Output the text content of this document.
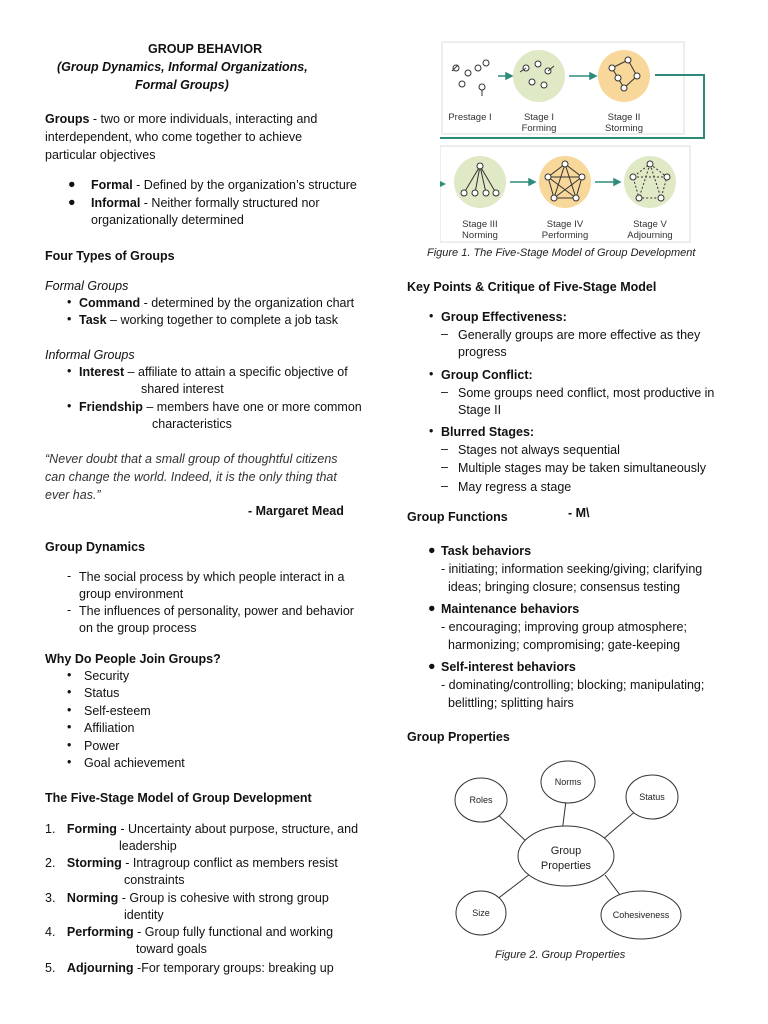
GROUP BEHAVIOR
(Group Dynamics, Informal Organizations,
Formal Groups)
Groups - two or more individuals, interacting and
interdependent, who come together to achieve
particular objectives
● Formal - Defined by the organization’s structure
● Informal - Neither formally structured nor
organizationally determined
Four Types of Groups
Formal Groups
• Command - determined by the organization chart
• Task – working together to complete a job task
Informal Groups
• Interest – affiliate to attain a specific objective of
shared interest
• Friendship – members have one or more common
characteristics
“Never doubt that a small group of thoughtful citizens
can change the world. Indeed, it is the only thing that
ever has.”
- Margaret Mead
Group Dynamics
- The social process by which people interact in a
group environment
- The influences of personality, power and behavior
on the group process
Why Do People Join Groups?
• Security
• Status
• Self-esteem
• Affiliation
• Power
• Goal achievement
The Five-Stage Model of Group Development
1. Forming - Uncertainty about purpose, structure, and
leadership
2. Storming - Intragroup conflict as members resist
constraints
3. Norming - Group is cohesive with strong group
identity
4. Performing - Group fully functional and working
toward goals
5. Adjourning -For temporary groups: breaking up
Prestage I	Stage I
Forming
Stage II
Storming
Stage III
Norming
Stage IV
Performing
Stage V
Adjourning
Figure 1. The Five-Stage Model of Group Development
Key Points & Critique of Five-Stage Model
• Group Effectiveness:
– Generally groups are more effective as they
progress
• Group Conflict:
– Some groups need conflict, most productive in
Stage II
• Blurred Stages:
– Stages not always sequential
– Multiple stages may be taken simultaneously
– May regress a stage
Group Functions	- M\
● Task behaviors
- initiating; information seeking/giving; clarifying
ideas; bringing closure; consensus testing
● Maintenance behaviors
- encouraging; improving group atmosphere;
harmonizing; compromising; gate-keeping
● Self-interest behaviors
- dominating/controlling; blocking; manipulating;
belittling; splitting hairs
Group Properties
Norms
Roles	Status
Group
Properties
Size	Cohesiveness
Figure 2. Group Properties
